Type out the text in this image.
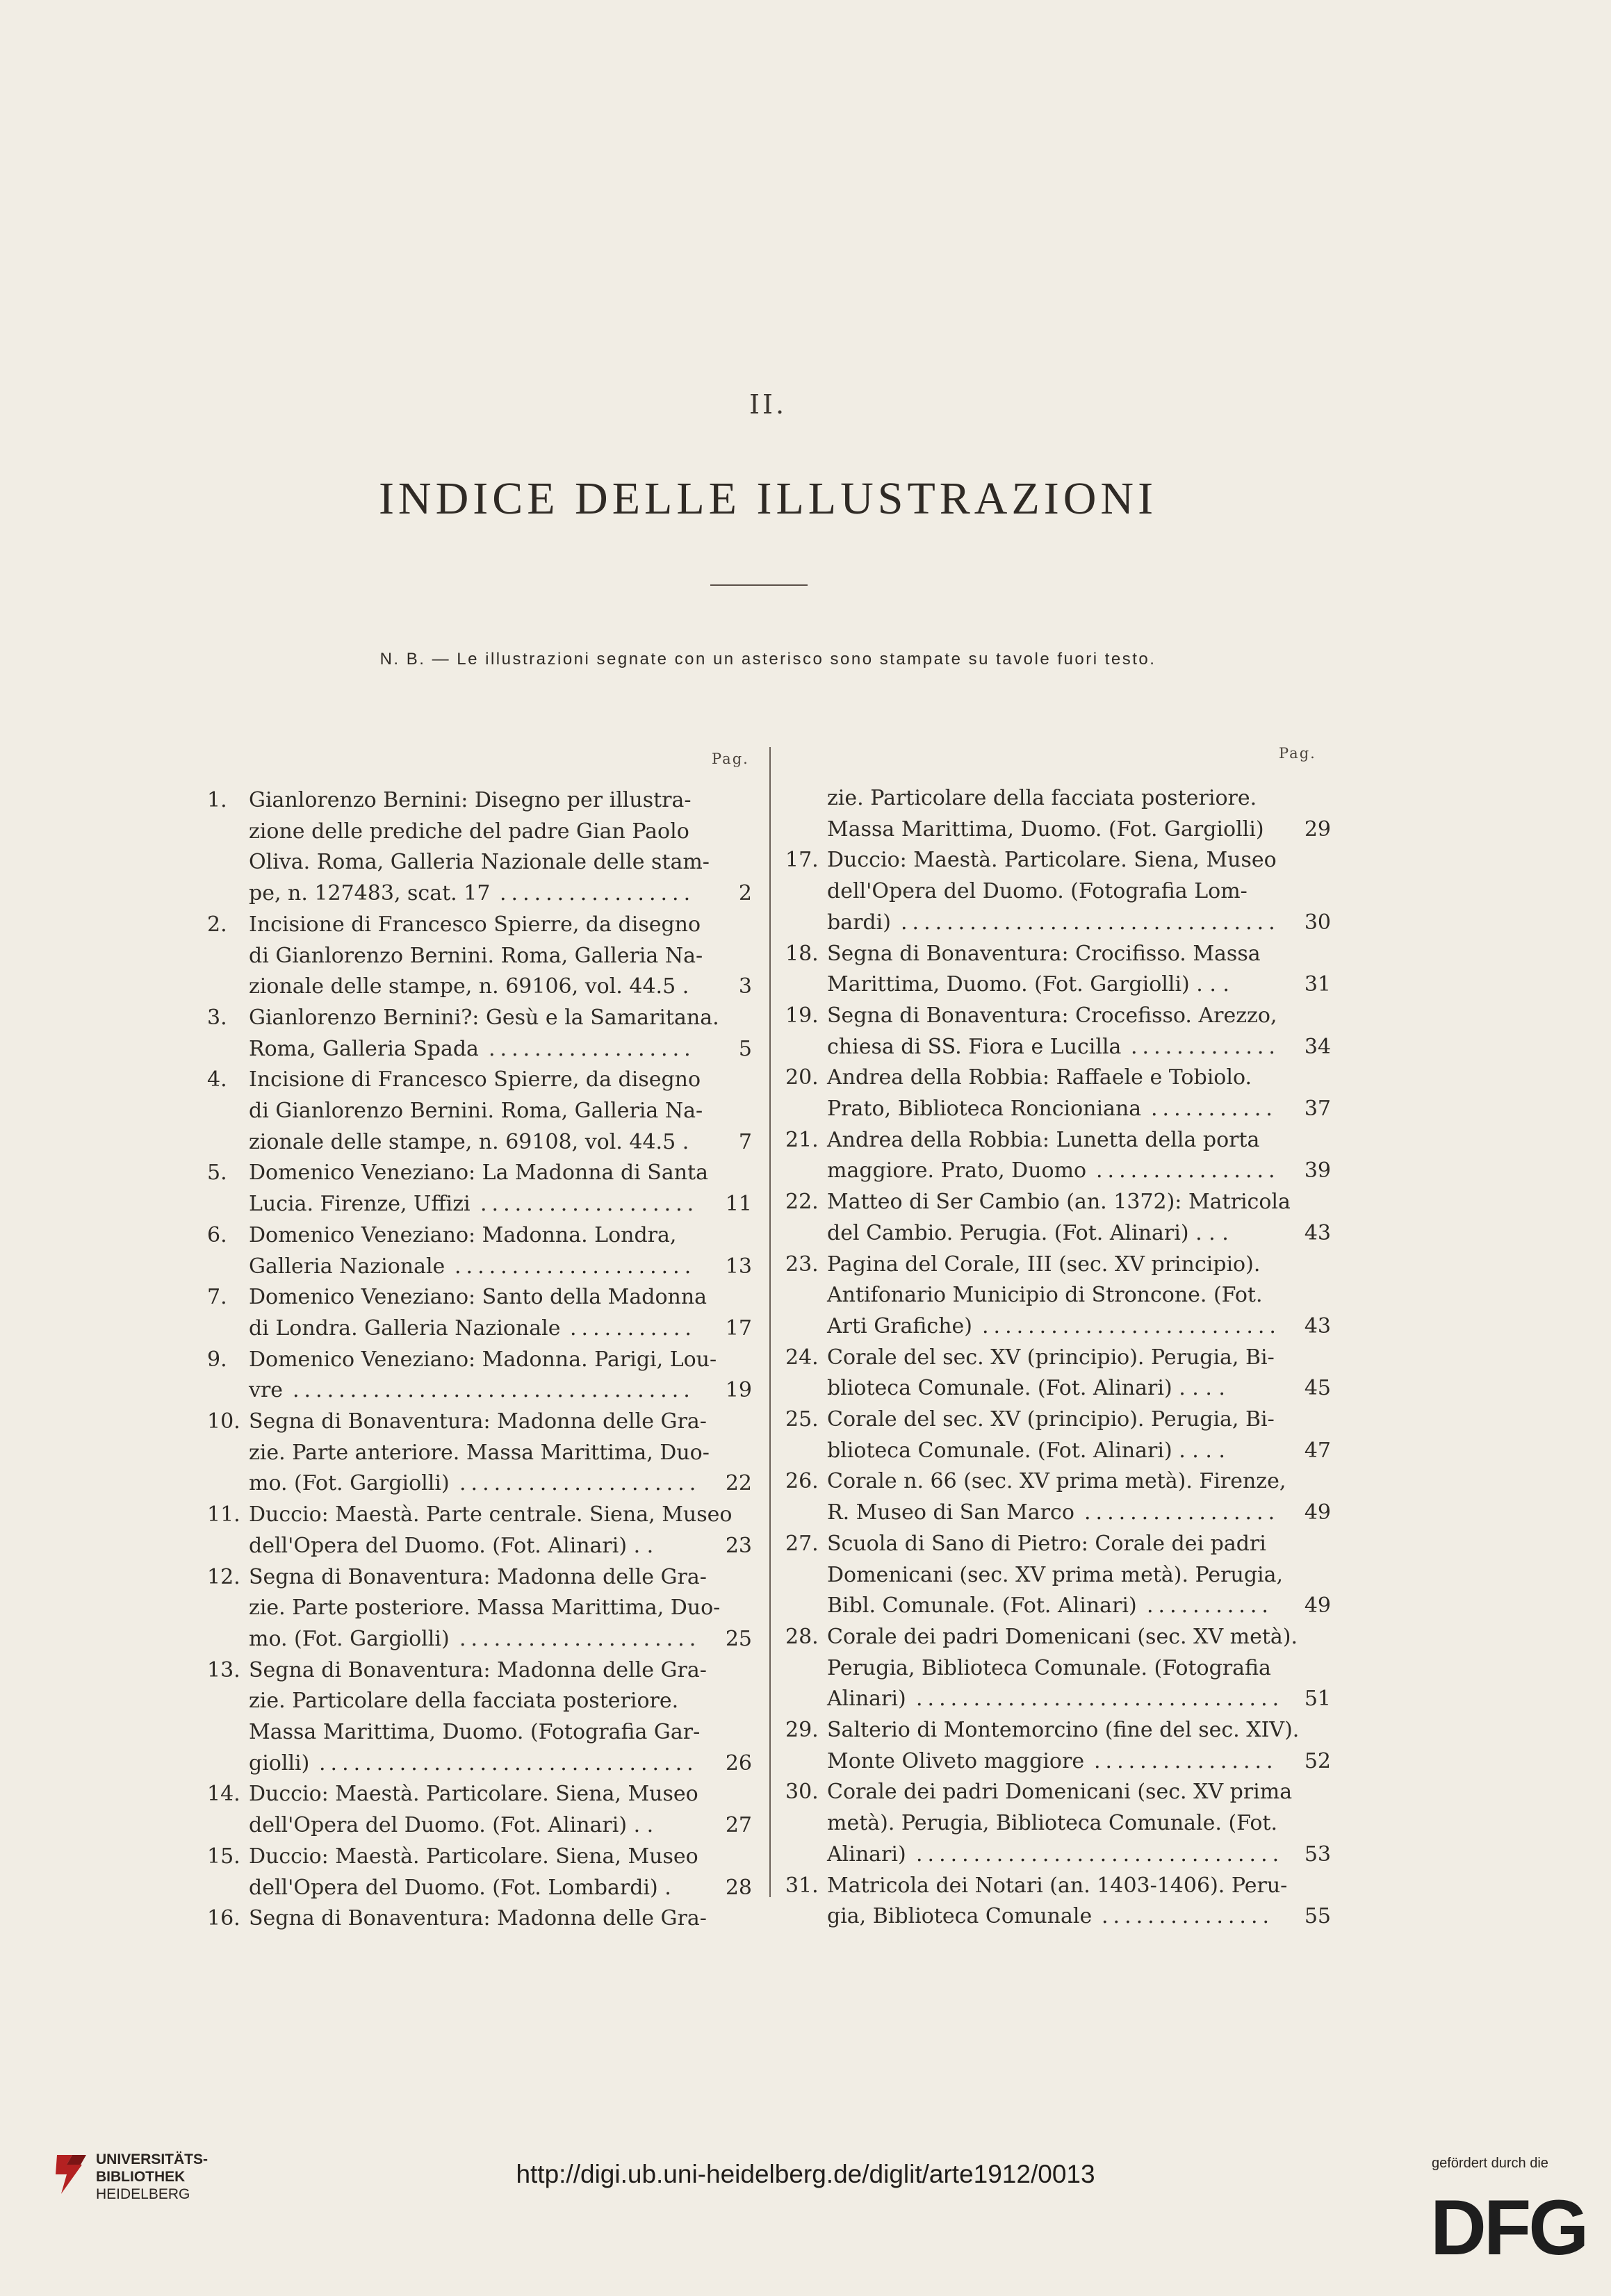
II.
INDICE DELLE ILLUSTRAZIONI
N. B. — Le illustrazioni segnate con un asterisco sono stampate su tavole fuori testo.
Pag.	Pag.
1. Gianlorenzo Bernini: Disegno per illustra-
zione delle prediche del padre Gian Paolo
Oliva. Roma, Galleria Nazionale delle stam-
pe, n. 127483, scat. 17 .................	2
2. Incisione di Francesco Spierre, da disegno
di Gianlorenzo Bernini. Roma, Galleria Na-
zionale delle stampe, n. 69106, vol. 44.5 .	3
3. Gianlorenzo Bernini?: Gesù e la Samaritana.
Roma, Galleria Spada ..................	5
4. Incisione di Francesco Spierre, da disegno
di Gianlorenzo Bernini. Roma, Galleria Na-
zionale delle stampe, n. 69108, vol. 44.5 .	7
5. Domenico Veneziano: La Madonna di Santa
Lucia. Firenze, Uffizi ...................	11
6. Domenico Veneziano: Madonna. Londra,
Galleria Nazionale .....................	13
7. Domenico Veneziano: Santo della Madonna
di Londra. Galleria Nazionale ...........	17
9. Domenico Veneziano: Madonna. Parigi, Lou-
vre ...................................	19
10. Segna di Bonaventura: Madonna delle Gra-
zie. Parte anteriore. Massa Marittima, Duo-
mo. (Fot. Gargiolli) .....................	22
11. Duccio: Maestà. Parte centrale. Siena, Museo
dell'Opera del Duomo. (Fot. Alinari) . .	23
12. Segna di Bonaventura: Madonna delle Gra-
zie. Parte posteriore. Massa Marittima, Duo-
mo. (Fot. Gargiolli) .....................	25
13. Segna di Bonaventura: Madonna delle Gra-
zie. Particolare della facciata posteriore.
Massa Marittima, Duomo. (Fotografia Gar-
giolli) .................................	26
14. Duccio: Maestà. Particolare. Siena, Museo
dell'Opera del Duomo. (Fot. Alinari) . .	27
15. Duccio: Maestà. Particolare. Siena, Museo
dell'Opera del Duomo. (Fot. Lombardi) .	28
16. Segna di Bonaventura: Madonna delle Gra-
zie. Particolare della facciata posteriore.
Massa Marittima, Duomo. (Fot. Gargiolli)	29
17. Duccio: Maestà. Particolare. Siena, Museo
dell'Opera del Duomo. (Fotografia Lom-
bardi) .................................	30
18. Segna di Bonaventura: Crocifisso. Massa
Marittima, Duomo. (Fot. Gargiolli) . . .	31
19. Segna di Bonaventura: Crocefisso. Arezzo,
chiesa di SS. Fiora e Lucilla .............	34
20. Andrea della Robbia: Raffaele e Tobiolo.
Prato, Biblioteca Roncioniana ...........	37
21. Andrea della Robbia: Lunetta della porta
maggiore. Prato, Duomo ................	39
22. Matteo di Ser Cambio (an. 1372): Matricola
del Cambio. Perugia. (Fot. Alinari) . . .	43
23. Pagina del Corale, III (sec. XV principio).
Antifonario Municipio di Stroncone. (Fot.
Arti Grafiche) ..........................	43
24. Corale del sec. XV (principio). Perugia, Bi-
blioteca Comunale. (Fot. Alinari) . . . .	45
25. Corale del sec. XV (principio). Perugia, Bi-
blioteca Comunale. (Fot. Alinari) . . . .	47
26. Corale n. 66 (sec. XV prima metà). Firenze,
R. Museo di San Marco .................	49
27. Scuola di Sano di Pietro: Corale dei padri
Domenicani (sec. XV prima metà). Perugia,
Bibl. Comunale. (Fot. Alinari) ...........	49
28. Corale dei padri Domenicani (sec. XV metà).
Perugia, Biblioteca Comunale. (Fotografia
Alinari) ................................ 51
29. Salterio di Montemorcino (fine del sec. XIV).
Monte Oliveto maggiore ................	52
30. Corale dei padri Domenicani (sec. XV prima
metà). Perugia, Biblioteca Comunale. (Fot.
Alinari) ................................ 53
31. Matricola dei Notari (an. 1403-1406). Peru-
gia, Biblioteca Comunale ...............	55
UNIVERSITÄTS-
BIBLIOTHEK
HEIDELBERG
http://digi.ub.uni-heidelberg.de/diglit/arte1912/0013	gefördert durch die
DFG
